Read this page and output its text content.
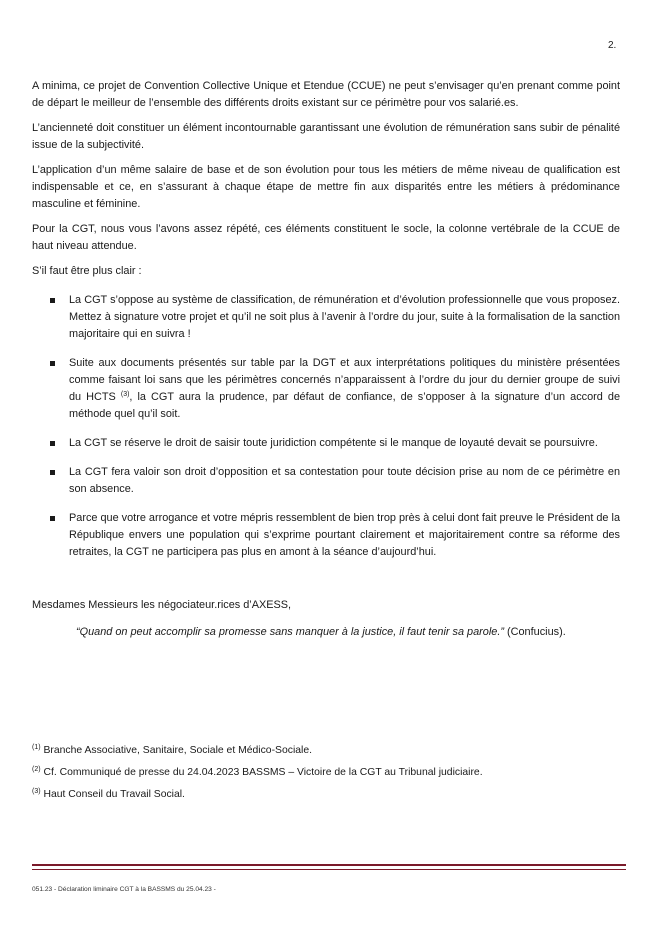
2.

A minima, ce projet de Convention Collective Unique et Etendue (CCUE) ne peut s’envisager qu’en prenant comme point de départ le meilleur de l’ensemble des différents droits existant sur ce périmètre pour vos salarié.es.

L’ancienneté doit constituer un élément incontournable garantissant une évolution de rémunération sans subir de pénalité issue de la subjectivité.

L’application d’un même salaire de base et de son évolution pour tous les métiers de même niveau de qualification est indispensable et ce, en s’assurant à chaque étape de mettre fin aux disparités entre les métiers à prédominance masculine et féminine.

Pour la CGT, nous vous l’avons assez répété, ces éléments constituent le socle, la colonne vertébrale de la CCUE de haut niveau attendue.

S’il faut être plus clair :

La CGT s’oppose au système de classification, de rémunération et d’évolution professionnelle que vous proposez. Mettez à signature votre projet et qu’il ne soit plus à l’avenir à l’ordre du jour, suite à la formalisation de la sanction majoritaire qui en suivra !
Suite aux documents présentés sur table par la DGT et aux interprétations politiques du ministère présentées comme faisant loi sans que les périmètres concernés n’apparaissent à l’ordre du jour du dernier groupe de suivi du HCTS $^{(3)}$, la CGT aura la prudence, par défaut de confiance, de s’opposer à la signature d’un accord de méthode quel qu’il soit.
La CGT se réserve le droit de saisir toute juridiction compétente si le manque de loyauté devait se poursuivre.
La CGT fera valoir son droit d’opposition et sa contestation pour toute décision prise au nom de ce périmètre en son absence.
Parce que votre arrogance et votre mépris ressemblent de bien trop près à celui dont fait preuve le Président de la République envers une population qui s’exprime pourtant clairement et majoritairement contre sa réforme des retraites, la CGT ne participera pas plus en amont à la séance d’aujourd’hui.
Mesdames Messieurs les négociateur.rices d’AXESS,
“Quand on peut accomplir sa promesse sans manquer à la justice, il faut tenir sa parole.” (Confucius).
$^{(1)}$ Branche Associative, Sanitaire, Sociale et Médico-Sociale.
$^{(2)}$ Cf. Communiqué de presse du 24.04.2023 BASSMS – Victoire de la CGT au Tribunal judiciaire.
$^{(3)}$ Haut Conseil du Travail Social.
051.23 - Déclaration liminaire CGT à la BASSMS du 25.04.23 -
